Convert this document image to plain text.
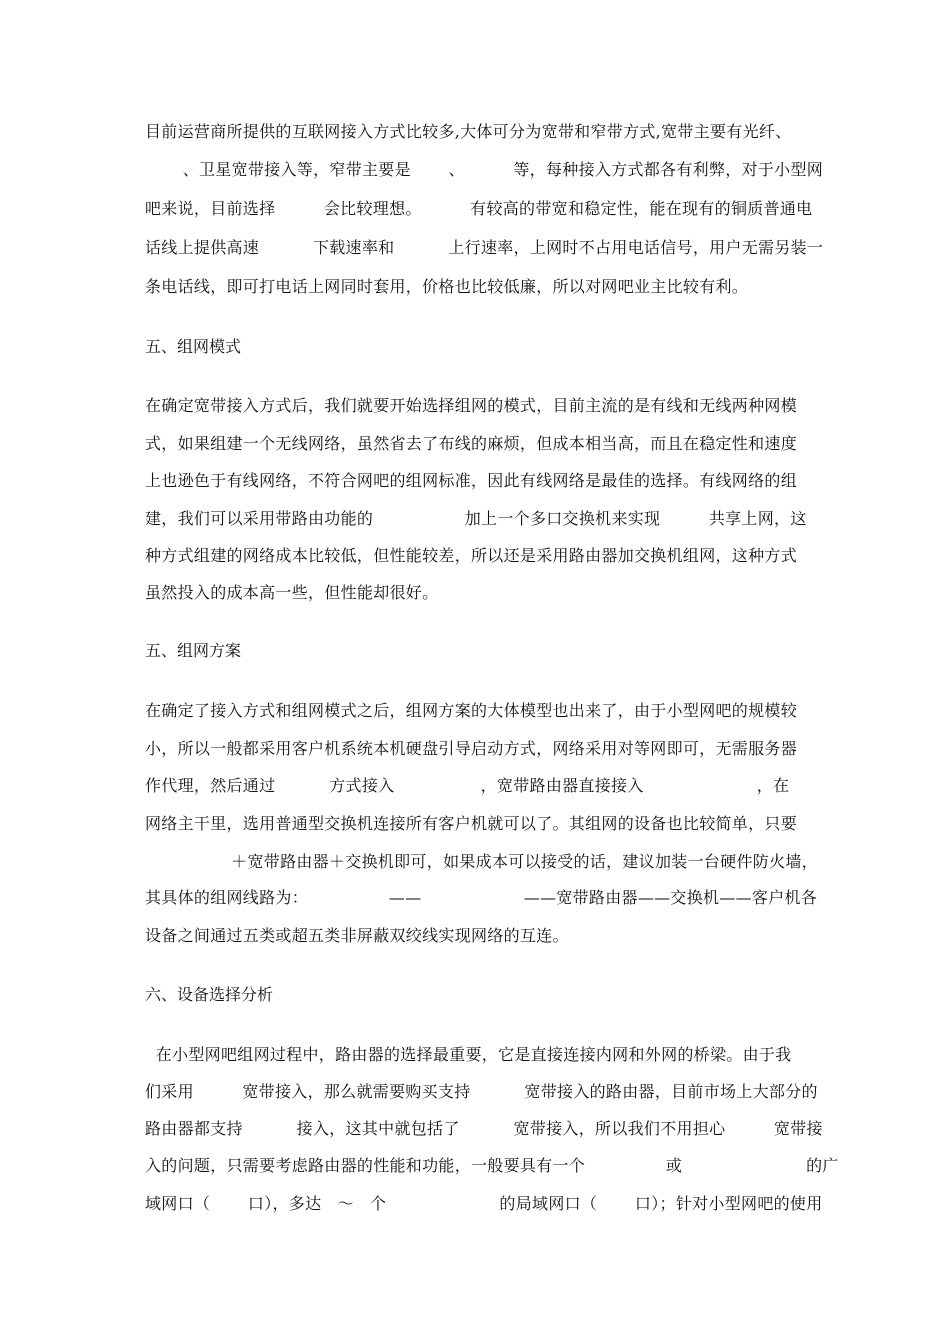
目前运营商所提供的互联网接入方式比较多,大体可分为宽带和窄带方式,宽带主要有光纤、
、卫星宽带接入等，窄带主要是       、         等，每种接入方式都各有利弊，对于小型网
吧来说，目前选择         会比较理想。         有较高的带宽和稳定性，能在现有的铜质普通电
话线上提供高速          下载速率和          上行速率，上网时不占用电话信号，用户无需另装一
条电话线，即可打电话上网同时套用，价格也比较低廉，所以对网吧业主比较有利。
五、组网模式
在确定宽带接入方式后，我们就要开始选择组网的模式，目前主流的是有线和无线两种网模
式，如果组建一个无线网络，虽然省去了布线的麻烦，但成本相当高，而且在稳定性和速度
上也逊色于有线网络，不符合网吧的组网标准，因此有线网络是最佳的选择。有线网络的组
建，我们可以采用带路由功能的                 加上一个多口交换机来实现         共享上网，这
种方式组建的网络成本比较低，但性能较差，所以还是采用路由器加交换机组网，这种方式
虽然投入的成本高一些，但性能却很好。
五、组网方案
在确定了接入方式和组网模式之后，组网方案的大体模型也出来了，由于小型网吧的规模较
小，所以一般都采用客户机系统本机硬盘引导启动方式，网络采用对等网即可，无需服务器
作代理，然后通过          方式接入                ，宽带路由器直接接入                     ，在
网络主干里，选用普通型交换机连接所有客户机就可以了。其组网的设备也比较简单，只要
＋宽带路由器＋交换机即可，如果成本可以接受的话，建议加装一台硬件防火墙，
其具体的组网线路为：               ——                   ——宽带路由器——交换机——客户机各
设备之间通过五类或超五类非屏蔽双绞线实现网络的互连。
六、设备选择分析
在小型网吧组网过程中，路由器的选择最重要，它是直接连接内网和外网的桥梁。由于我
们采用         宽带接入，那么就需要购买支持          宽带接入的路由器，目前市场上大部分的
路由器都支持          接入，这其中就包括了          宽带接入，所以我们不用担心         宽带接
入的问题，只需要考虑路由器的性能和功能，一般要具有一个               或                       的广
域网口（       口），多达   ～   个                     的局域网口（       口）；针对小型网吧的使用
